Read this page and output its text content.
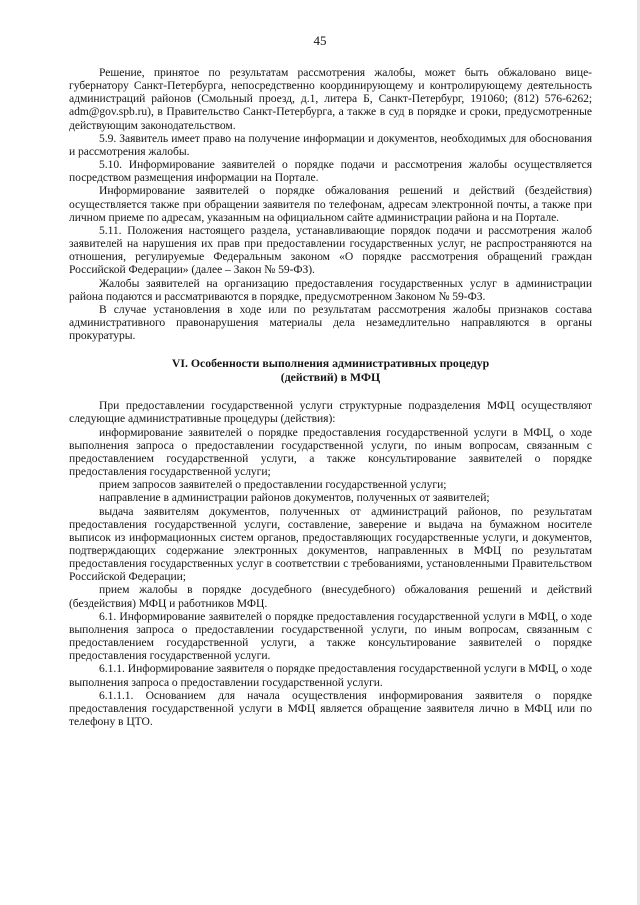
45

Решение, принятое по результатам рассмотрения жалобы, может быть обжаловано вице-губернатору Санкт-Петербурга, непосредственно координирующему и контролирующему деятельность администраций районов (Смольный проезд, д.1, литера Б, Санкт-Петербург, 191060; (812) 576-6262; adm@gov.spb.ru), в Правительство Санкт-Петербурга, а также в суд в порядке и сроки, предусмотренные действующим законодательством.

5.9. Заявитель имеет право на получение информации и документов, необходимых для обоснования и рассмотрения жалобы.

5.10. Информирование заявителей о порядке подачи и рассмотрения жалобы осуществляется посредством размещения информации на Портале.

Информирование заявителей о порядке обжалования решений и действий (бездействия) осуществляется также при обращении заявителя по телефонам, адресам электронной почты, а также при личном приеме по адресам, указанным на официальном сайте администрации района и на Портале.

5.11. Положения настоящего раздела, устанавливающие порядок подачи и рассмотрения жалоб заявителей на нарушения их прав при предоставлении государственных услуг, не распространяются на отношения, регулируемые Федеральным законом «О порядке рассмотрения обращений граждан Российской Федерации» (далее – Закон № 59-ФЗ).

Жалобы заявителей на организацию предоставления государственных услуг в администрации района подаются и рассматриваются в порядке, предусмотренном Законом № 59-ФЗ.

В случае установления в ходе или по результатам рассмотрения жалобы признаков состава административного правонарушения материалы дела незамедлительно направляются в органы прокуратуры.

VI. Особенности выполнения административных процедур
(действий) в МФЦ

При предоставлении государственной услуги структурные подразделения МФЦ осуществляют следующие административные процедуры (действия):

информирование заявителей о порядке предоставления государственной услуги в МФЦ, о ходе выполнения запроса о предоставлении государственной услуги, по иным вопросам, связанным с предоставлением государственной услуги, а также консультирование заявителей о порядке предоставления государственной услуги;

прием запросов заявителей о предоставлении государственной услуги;

направление в администрации районов документов, полученных от заявителей;

выдача заявителям документов, полученных от администраций районов, по результатам предоставления государственной услуги, составление, заверение и выдача на бумажном носителе выписок из информационных систем органов, предоставляющих государственные услуги, и документов, подтверждающих содержание электронных документов, направленных в МФЦ по результатам предоставления государственных услуг в соответствии с требованиями, установленными Правительством Российской Федерации;

прием жалобы в порядке досудебного (внесудебного) обжалования решений и действий (бездействия) МФЦ и работников МФЦ.

6.1. Информирование заявителей о порядке предоставления государственной услуги в МФЦ, о ходе выполнения запроса о предоставлении государственной услуги, по иным вопросам, связанным с предоставлением государственной услуги, а также консультирование заявителей о порядке предоставления государственной услуги.

6.1.1. Информирование заявителя о порядке предоставления государственной услуги в МФЦ, о ходе выполнения запроса о предоставлении государственной услуги.

6.1.1.1. Основанием для начала осуществления информирования заявителя о порядке предоставления государственной услуги в МФЦ является обращение заявителя лично в МФЦ или по телефону в ЦТО.
